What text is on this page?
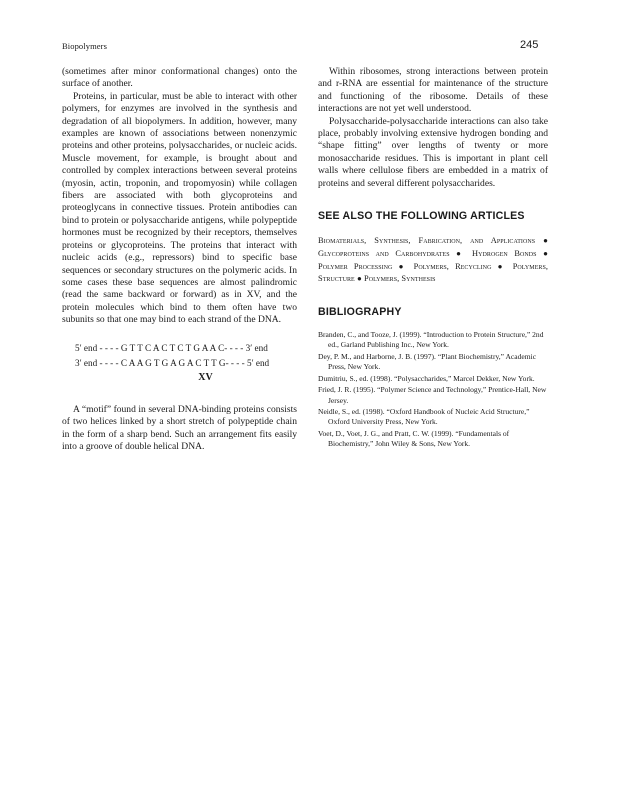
Biopolymers	245

(sometimes after minor conformational changes) onto the surface of another.

Proteins, in particular, must be able to interact with other polymers, for enzymes are involved in the synthesis and degradation of all biopolymers. In addition, however, many examples are known of associations between nonenzymic proteins and other proteins, polysaccharides, or nucleic acids. Muscle movement, for example, is brought about and controlled by complex interactions between several proteins (myosin, actin, troponin, and tropomyosin) while collagen fibers are associated with both glycoproteins and proteoglycans in connective tissues. Protein antibodies can bind to protein or polysaccharide antigens, while polypeptide hormones must be recognized by their receptors, themselves proteins or glycoproteins. The proteins that interact with nucleic acids (e.g., repressors) bind to specific base sequences or secondary structures on the polymeric acids. In some cases these base sequences are almost palindromic (read the same backward or forward) as in XV, and the protein molecules which bind to them often have two subunits so that one may bind to each strand of the DNA.

5′ end - - - - G T T C A C T C T G A A C- - - - 3′ end
3′ end - - - - C A A G T G A G A C T T G- - - - 5′ end
XV

A “motif” found in several DNA-binding proteins consists of two helices linked by a short stretch of polypeptide chain in the form of a sharp bend. Such an arrangement fits easily into a groove of double helical DNA.

Within ribosomes, strong interactions between protein and r-RNA are essential for maintenance of the structure and functioning of the ribosome. Details of these interactions are not yet well understood.

Polysaccharide-polysaccharide interactions can also take place, probably involving extensive hydrogen bonding and “shape fitting” over lengths of twenty or more monosaccharide residues. This is important in plant cell walls where cellulose fibers are embedded in a matrix of proteins and several different polysaccharides.

SEE ALSO THE FOLLOWING ARTICLES
Biomaterials, Synthesis, Fabrication, and Applications ● Glycoproteins and Carbohydrates ● Hydrogen Bonds ● Polymer Processing ● Polymers, Recycling ● Polymers, Structure ● Polymers, Synthesis
BIBLIOGRAPHY
Branden, C., and Tooze, J. (1999). “Introduction to Protein Structure,” 2nd ed., Garland Publishing Inc., New York.
Dey, P. M., and Harborne, J. B. (1997). “Plant Biochemistry,” Academic Press, New York.
Dumitriu, S., ed. (1998). “Polysaccharides,” Marcel Dekker, New York.
Fried, J. R. (1995). “Polymer Science and Technology,” Prentice-Hall, New Jersey.
Neidle, S., ed. (1998). “Oxford Handbook of Nucleic Acid Structure,” Oxford University Press, New York.
Voet, D., Voet, J. G., and Pratt, C. W. (1999). “Fundamentals of Biochemistry,” John Wiley & Sons, New York.
